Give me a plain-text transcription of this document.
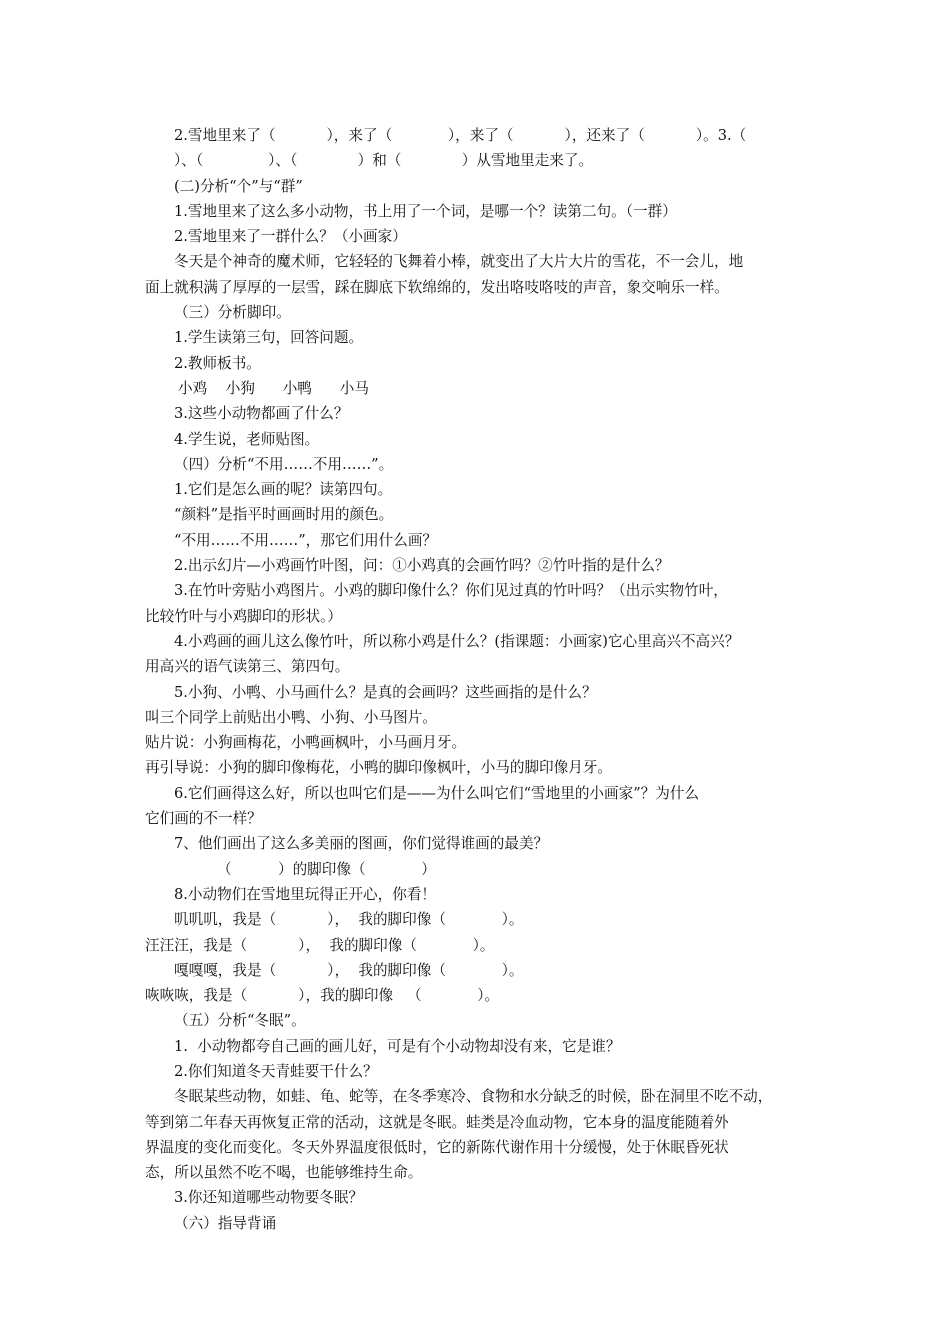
2.雪地里来了（           ），来了（            ），来了（           ），还来了（           ）。3.（
）、（              ）、（             ）和（             ）从雪地里走来了。
(二)分析“个”与“群”
1.雪地里来了这么多小动物，书上用了一个词，是哪一个？读第二句。（一群）
2.雪地里来了一群什么？（小画家）
冬天是个神奇的魔术师，它轻轻的飞舞着小棒，就变出了大片大片的雪花，不一会儿，地
面上就积满了厚厚的一层雪，踩在脚底下软绵绵的，发出咯吱咯吱的声音，象交响乐一样。
（三）分析脚印。
1.学生读第三句，回答问题。
2.教师板书。
小鸡    小狗      小鸭      小马
3.这些小动物都画了什么？
4.学生说，老师贴图。
（四）分析“不用……不用……”。
1.它们是怎么画的呢？读第四句。
“颜料”是指平时画画时用的颜色。
“不用……不用……”，那它们用什么画？
2.出示幻片—小鸡画竹叶图，问：①小鸡真的会画竹吗？②竹叶指的是什么？
3.在竹叶旁贴小鸡图片。小鸡的脚印像什么？你们见过真的竹叶吗？（出示实物竹叶，
比较竹叶与小鸡脚印的形状。）
4.小鸡画的画儿这么像竹叶，所以称小鸡是什么？(指课题：小画家)它心里高兴不高兴？
用高兴的语气读第三、第四句。
5.小狗、小鸭、小马画什么？是真的会画吗？这些画指的是什么？
叫三个同学上前贴出小鸭、小狗、小马图片。
贴片说：小狗画梅花，小鸭画枫叶，小马画月牙。
再引导说：小狗的脚印像梅花，小鸭的脚印像枫叶，小马的脚印像月牙。
6.它们画得这么好，所以也叫它们是——为什么叫它们“雪地里的小画家”？为什么
它们画的不一样？
7、他们画出了这么多美丽的图画，你们觉得谁画的最美？
（          ）的脚印像（            ）
8.小动物们在雪地里玩得正开心，你看！
叽叽叽，我是（           ），  我的脚印像（            ）。
汪汪汪，我是（           ），  我的脚印像（            ）。
嘎嘎嘎，我是（           ），  我的脚印像（            ）。
咴咴咴，我是（           ），我的脚印像   （            ）。
（五）分析“冬眠”。
1.  小动物都夸自己画的画儿好，可是有个小动物却没有来，它是谁？
2.你们知道冬天青蛙要干什么？
冬眠某些动物，如蛙、龟、蛇等，在冬季寒冷、食物和水分缺乏的时候，卧在洞里不吃不动，
等到第二年春天再恢复正常的活动，这就是冬眠。蛙类是冷血动物，它本身的温度能随着外
界温度的变化而变化。冬天外界温度很低时，它的新陈代谢作用十分缓慢，处于休眠昏死状
态，所以虽然不吃不喝，也能够维持生命。
3.你还知道哪些动物要冬眠？
（六）指导背诵
